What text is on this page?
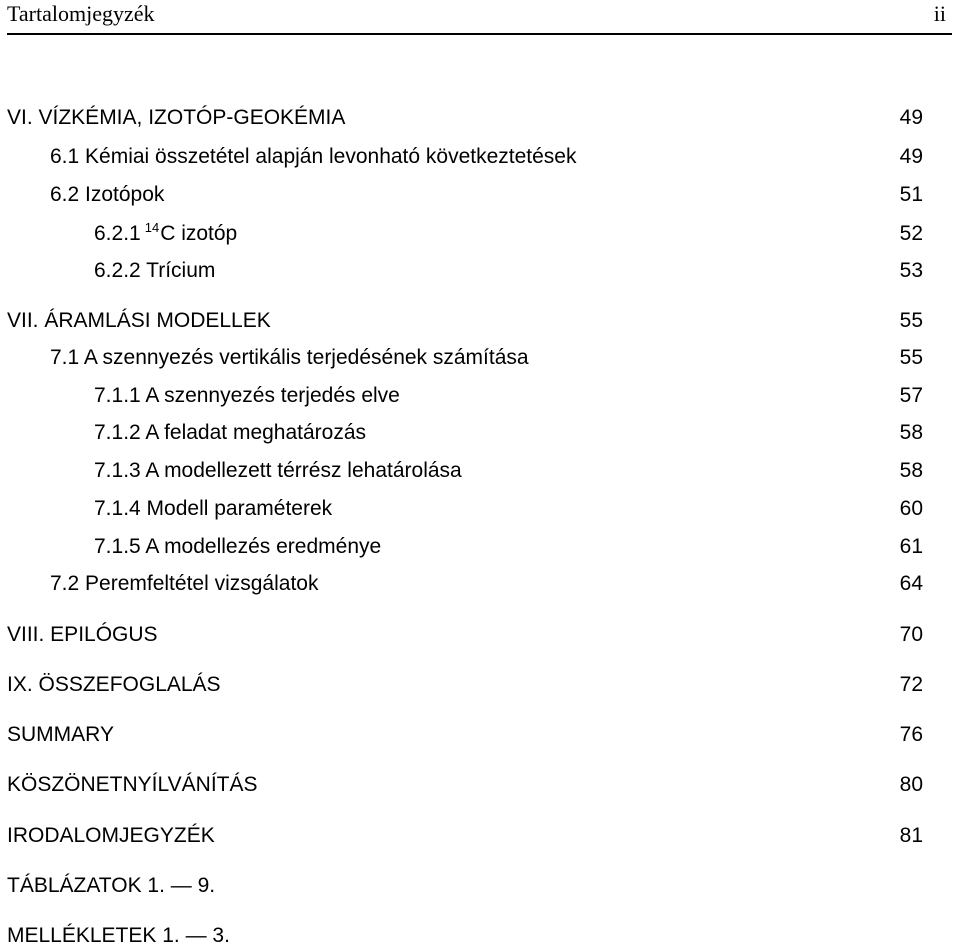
Tartalomjegyzék	ii
VI. VÍZKÉMIA, IZOTÓP-GEOKÉMIA	49
6.1 Kémiai összetétel alapján levonható következtetések	49
6.2 Izotópok	51
6.2.1 $^{14}$C izotóp	52
6.2.2 Trícium	53
VII. ÁRAMLÁSI MODELLEK	55
7.1 A szennyezés vertikális terjedésének számítása	55
7.1.1 A szennyezés terjedés elve	57
7.1.2 A feladat meghatározás	58
7.1.3 A modellezett térrész lehatárolása	58
7.1.4 Modell paraméterek	60
7.1.5 A modellezés eredménye	61
7.2 Peremfeltétel vizsgálatok	64
VIII. EPILÓGUS	70
IX. ÖSSZEFOGLALÁS	72
SUMMARY	76
KÖSZÖNETNYÍLVÁNÍTÁS	80
IRODALOMJEGYZÉK	81
TÁBLÁZATOK 1. — 9.
MELLÉKLETEK 1. — 3.
